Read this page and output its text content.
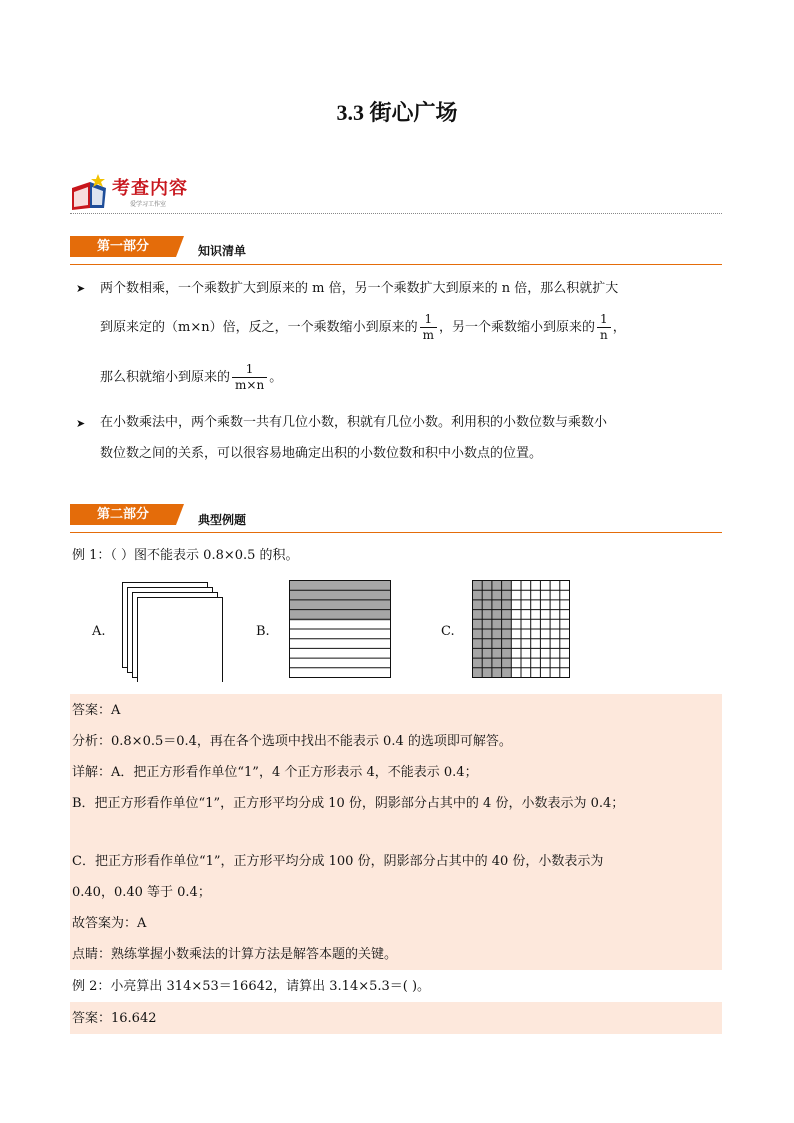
3.3 街心广场
考查内容
爱学习工作室
第一部分	知识清单
➤ 两个数相乘，一个乘数扩大到原来的 m 倍，另一个乘数扩大到原来的 n 倍，那么积就扩大
到原来定的（m×n）倍，反之，一个乘数缩小到原来的 $\frac{1}{m}$ ，另一个乘数缩小到原来的 $\frac{1}{n}$ ，
那么积就缩小到原来的 $\frac{1}{m\times n}$ 。
➤ 在小数乘法中，两个乘数一共有几位小数，积就有几位小数。利用积的小数位数与乘数小
数位数之间的关系，可以很容易地确定出积的小数位数和积中小数点的位置。
第二部分	典型例题
例 1：（ ）图不能表示 0.8×0.5 的积。
A.	B.	C.
答案：A
分析：0.8×0.5＝0.4，再在各个选项中找出不能表示 0.4 的选项即可解答。
详解：A．把正方形看作单位“1”，4 个正方形表示 4，不能表示 0.4；
B．把正方形看作单位“1”，正方形平均分成 10 份，阴影部分占其中的 4 份，小数表示为 0.4；
C．把正方形看作单位“1”，正方形平均分成 100 份，阴影部分占其中的 40 份，小数表示为
0.40，0.40 等于 0.4；
故答案为：A
点睛：熟练掌握小数乘法的计算方法是解答本题的关键。
例 2：小亮算出 314×53＝16642，请算出 3.14×5.3＝( )。
答案：16.642
